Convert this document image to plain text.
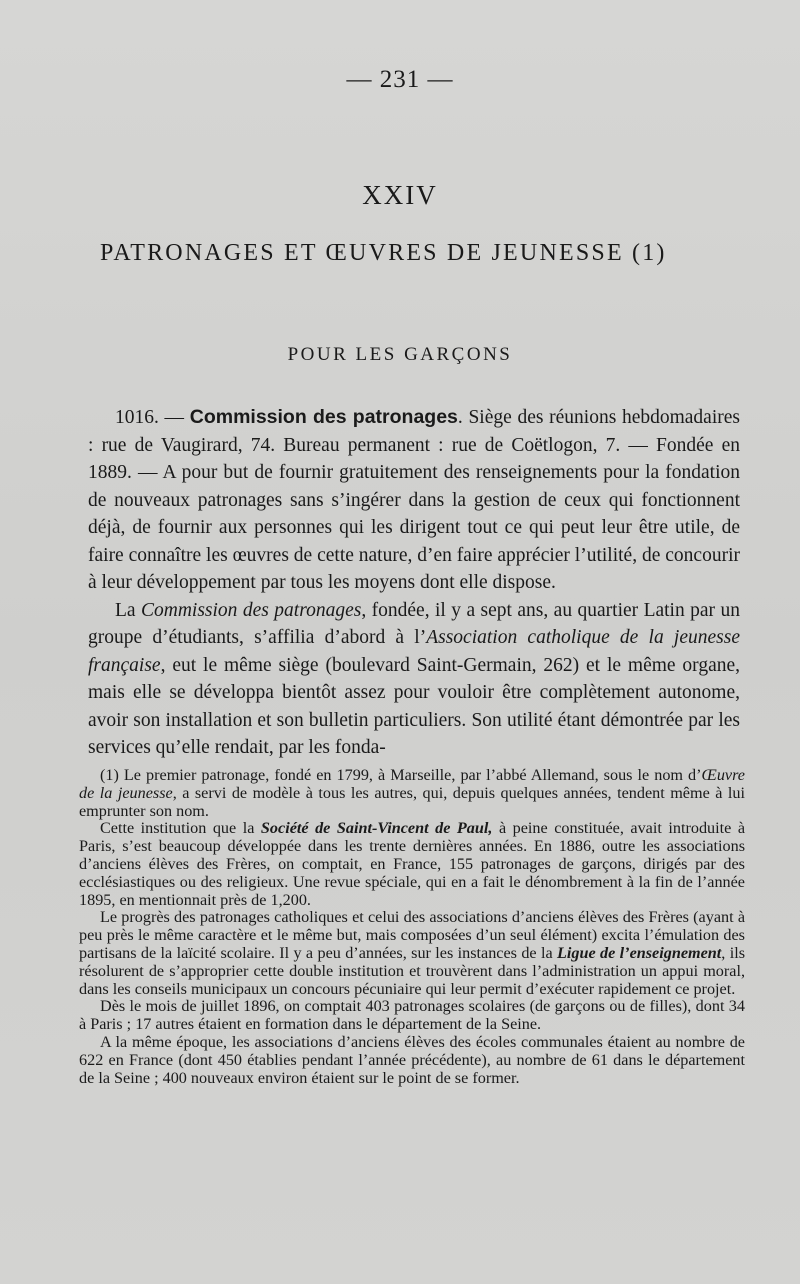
— 231 —
XXIV
PATRONAGES ET ŒUVRES DE JEUNESSE (1)
POUR LES GARÇONS

1016. — Commission des patronages. Siège des réunions hebdomadaires : rue de Vaugirard, 74. Bureau permanent : rue de Coëtlogon, 7. — Fondée en 1889. — A pour but de fournir gratuitement des renseignements pour la fondation de nouveaux patronages sans s’ingérer dans la gestion de ceux qui fonctionnent déjà, de fournir aux personnes qui les dirigent tout ce qui peut leur être utile, de faire connaître les œuvres de cette nature, d’en faire apprécier l’utilité, de concourir à leur développement par tous les moyens dont elle dispose.

La Commission des patronages, fondée, il y a sept ans, au quartier Latin par un groupe d’étudiants, s’affilia d’abord à l’Association catholique de la jeunesse française, eut le même siège (boulevard Saint-Germain, 262) et le même organe, mais elle se développa bientôt assez pour vouloir être complètement autonome, avoir son installation et son bulletin particuliers. Son utilité étant démontrée par les services qu’elle rendait, par les fonda-

(1) Le premier patronage, fondé en 1799, à Marseille, par l’abbé Allemand, sous le nom d’Œuvre de la jeunesse, a servi de modèle à tous les autres, qui, depuis quelques années, tendent même à lui emprunter son nom.

Cette institution que la Société de Saint-Vincent de Paul, à peine constituée, avait introduite à Paris, s’est beaucoup développée dans les trente dernières années. En 1886, outre les associations d’anciens élèves des Frères, on comptait, en France, 155 patronages de garçons, dirigés par des ecclésiastiques ou des religieux. Une revue spéciale, qui en a fait le dénombrement à la fin de l’année 1895, en mentionnait près de 1,200.

Le progrès des patronages catholiques et celui des associations d’anciens élèves des Frères (ayant à peu près le même caractère et le même but, mais composées d’un seul élément) excita l’émulation des partisans de la laïcité scolaire. Il y a peu d’années, sur les instances de la Ligue de l’enseignement, ils résolurent de s’approprier cette double institution et trouvèrent dans l’administration un appui moral, dans les conseils municipaux un concours pécuniaire qui leur permit d’exécuter rapidement ce projet.

Dès le mois de juillet 1896, on comptait 403 patronages scolaires (de garçons ou de filles), dont 34 à Paris ; 17 autres étaient en formation dans le département de la Seine.

A la même époque, les associations d’anciens élèves des écoles communales étaient au nombre de 622 en France (dont 450 établies pendant l’année précédente), au nombre de 61 dans le département de la Seine ; 400 nouveaux environ étaient sur le point de se former.
